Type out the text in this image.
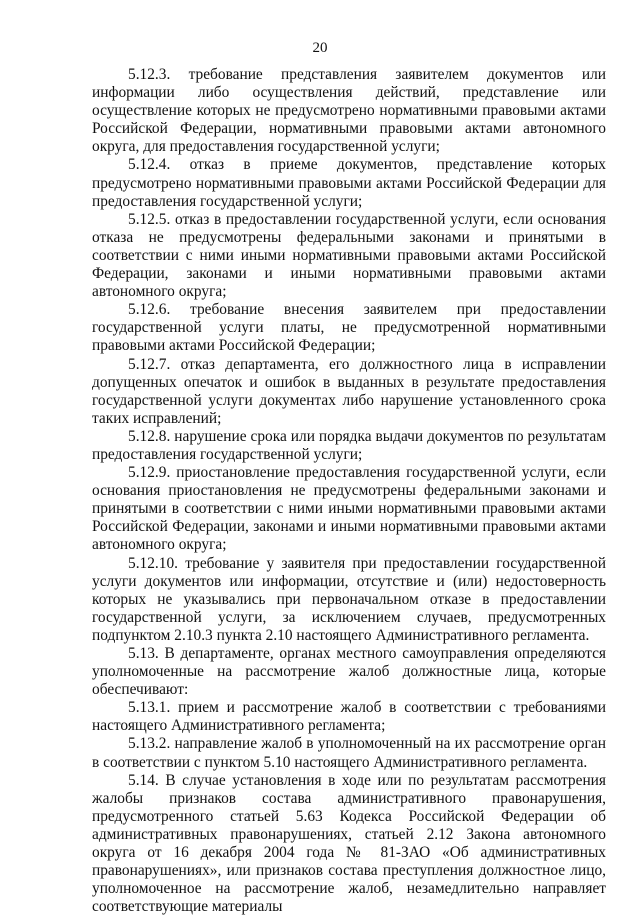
20

5.12.3. требование представления заявителем документов или информации либо осуществления действий, представление или осуществление которых не предусмотрено нормативными правовыми актами Российской Федерации, нормативными правовыми актами автономного округа, для предоставления государственной услуги;

5.12.4. отказ в приеме документов, представление которых предусмотрено нормативными правовыми актами Российской Федерации для предоставления государственной услуги;

5.12.5. отказ в предоставлении государственной услуги, если основания отказа не предусмотрены федеральными законами и принятыми в соответствии с ними иными нормативными правовыми актами Российской Федерации, законами и иными нормативными правовыми актами автономного округа;

5.12.6. требование внесения заявителем при предоставлении государственной услуги платы, не предусмотренной нормативными правовыми актами Российской Федерации;

5.12.7. отказ департамента, его должностного лица в исправлении допущенных опечаток и ошибок в выданных в результате предоставления государственной услуги документах либо нарушение установленного срока таких исправлений;

5.12.8. нарушение срока или порядка выдачи документов по результатам предоставления государственной услуги;

5.12.9. приостановление предоставления государственной услуги, если основания приостановления не предусмотрены федеральными законами и принятыми в соответствии с ними иными нормативными правовыми актами Российской Федерации, законами и иными нормативными правовыми актами автономного округа;

5.12.10. требование у заявителя при предоставлении государственной услуги документов или информации, отсутствие и (или) недостоверность которых не указывались при первоначальном отказе в предоставлении государственной услуги, за исключением случаев, предусмотренных подпунктом 2.10.3 пункта 2.10 настоящего Административного регламента.

5.13. В департаменте, органах местного самоуправления определяются уполномоченные на рассмотрение жалоб должностные лица, которые обеспечивают:

5.13.1. прием и рассмотрение жалоб в соответствии с требованиями настоящего Административного регламента;

5.13.2. направление жалоб в уполномоченный на их рассмотрение орган в соответствии с пунктом 5.10 настоящего Административного регламента.

5.14. В случае установления в ходе или по результатам рассмотрения жалобы признаков состава административного правонарушения, предусмотренного статьей 5.63 Кодекса Российской Федерации об административных правонарушениях, статьей 2.12 Закона автономного округа от 16 декабря 2004 года № 81-ЗАО «Об административных правонарушениях», или признаков состава преступления должностное лицо, уполномоченное на рассмотрение жалоб, незамедлительно направляет соответствующие материалы
